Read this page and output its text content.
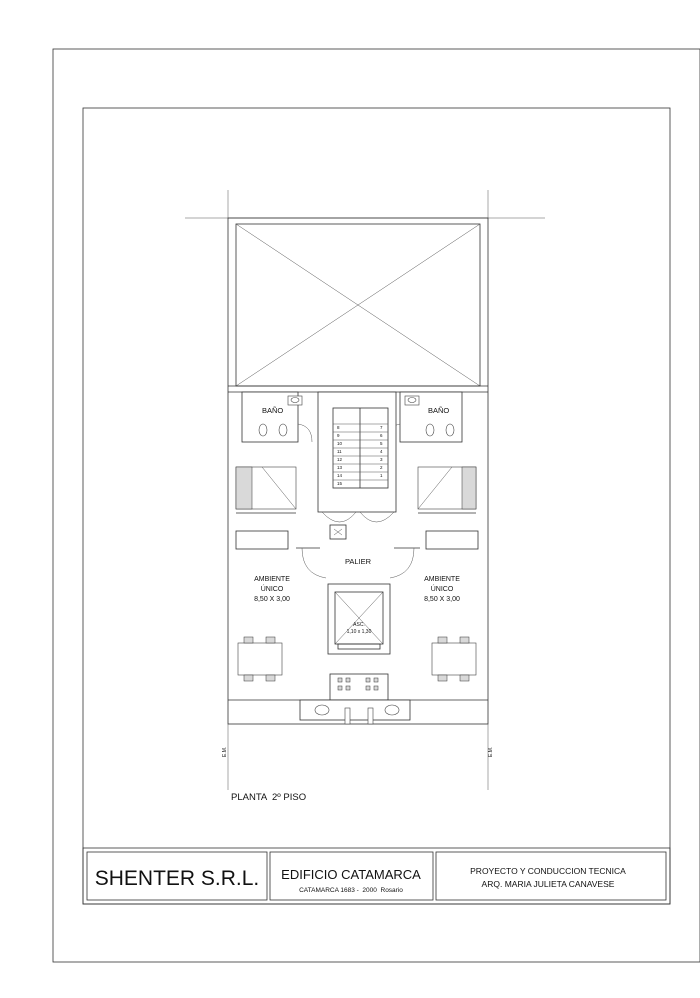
8
9
10
11
12
13
14
15
7
6
5
4
3
2
1
BAÑO	BAÑO
PALIER
AMBIENTE
ÚNICO
8,50 X 3,00
AMBIENTE
ÚNICO
8,50 X 3,00
ASC.
1,10 x 1,30
E.M.	E.M.
PLANTA  2º PISO
SHENTER S.R.L. EDIFICIO CATAMARCA
CATAMARCA 1683 -  2000  Rosario
PROYECTO Y CONDUCCION TECNICA
ARQ. MARIA JULIETA CANAVESE
